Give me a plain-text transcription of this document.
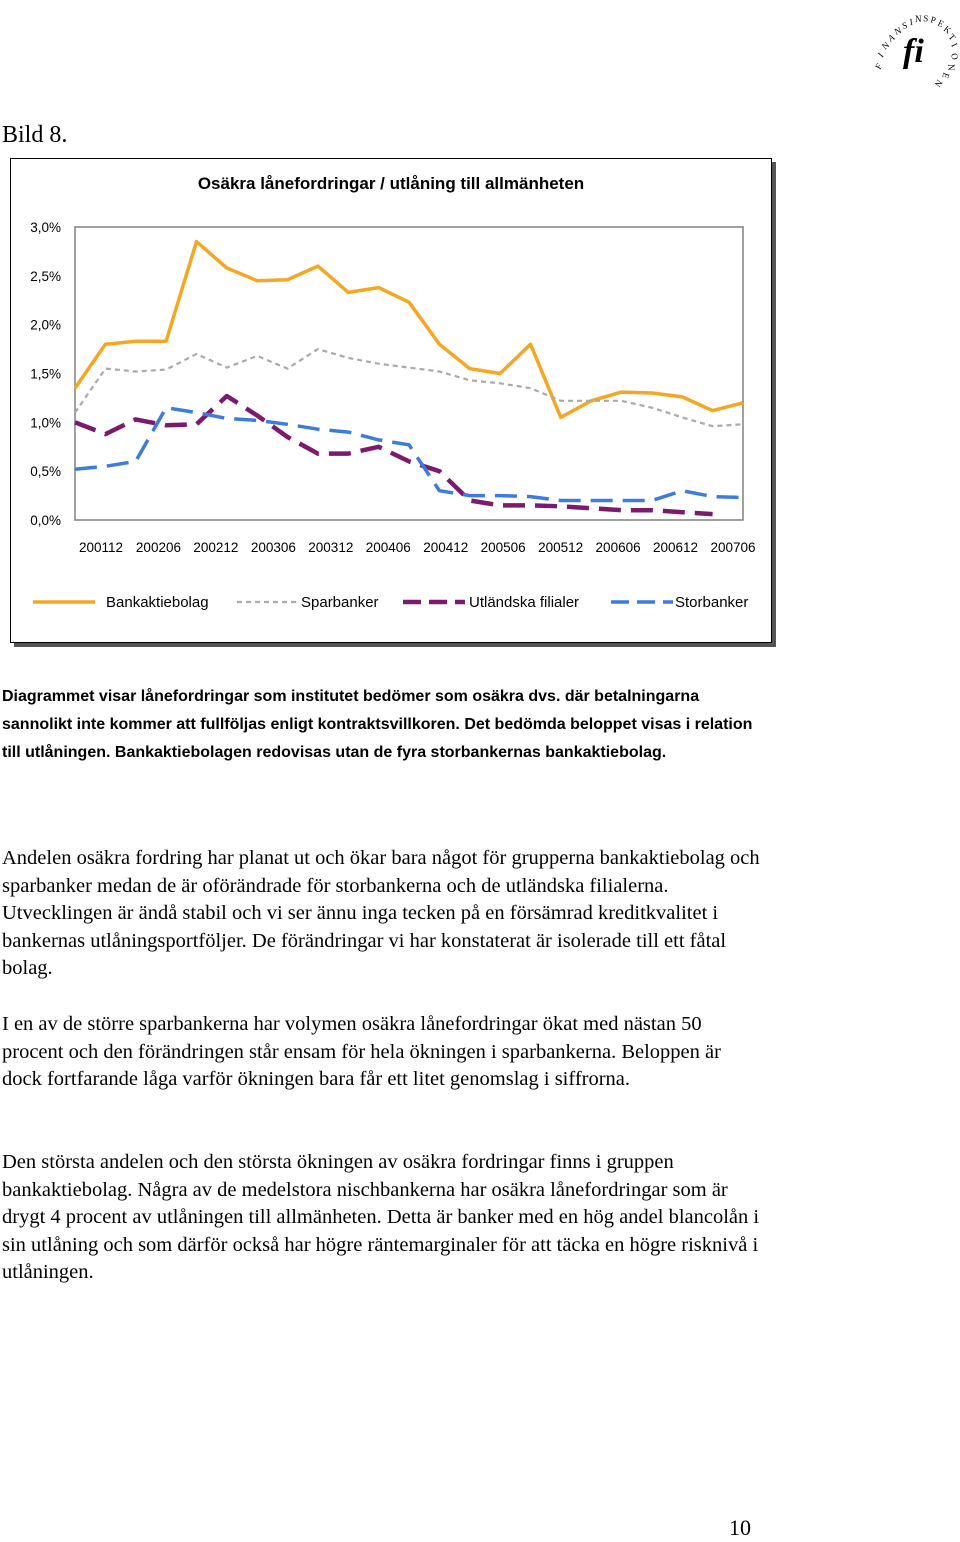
F
I
N
A
N
S I N S P E
K
T
I
O
N
E
N
fi
Bild 8.
Osäkra lånefordringar / utlåning till allmänheten
0,0%
0,5%
1,0%
1,5%
2,0%
2,5%
3,0%
200112 200206 200212 200306 200312 200406 200412 200506 200512 200606 200612 200706
Bankaktiebolag	Sparbanker	Utländska filialer	Storbanker
Diagrammet visar lånefordringar som institutet bedömer som osäkra dvs. där betalningarna sannolikt inte kommer att fullföljas enligt kontraktsvillkoren. Det bedömda beloppet visas i relation till utlåningen. Bankaktiebolagen redovisas utan de fyra storbankernas bankaktiebolag.

Andelen osäkra fordring har planat ut och ökar bara något för grupperna bankaktiebolag och sparbanker medan de är oförändrade för storbankerna och de utländska filialerna. Utvecklingen är ändå stabil och vi ser ännu inga tecken på en försämrad kreditkvalitet i bankernas utlåningsportföljer. De förändringar vi har konstaterat är isolerade till ett fåtal bolag.

I en av de större sparbankerna har volymen osäkra lånefordringar ökat med nästan 50 procent och den förändringen står ensam för hela ökningen i sparbankerna. Beloppen är dock fortfarande låga varför ökningen bara får ett litet genomslag i siffrorna.

Den största andelen och den största ökningen av osäkra fordringar finns i gruppen bankaktiebolag. Några av de medelstora nischbankerna har osäkra lånefordringar som är drygt 4 procent av utlåningen till allmänheten. Detta är banker med en hög andel blancolån i sin utlåning och som därför också har högre räntemarginaler för att täcka en högre risknivå i utlåningen.

10
